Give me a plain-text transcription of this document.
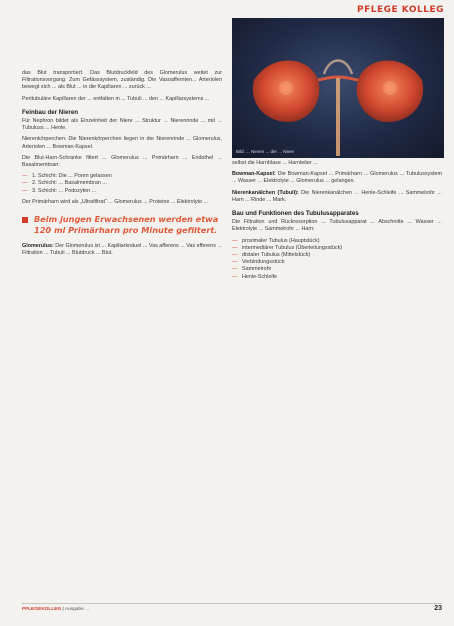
PFLEGE KOLLEG
Bild: ... Nieren ... der ... Niere

das Blut transportiert. Das Blutdruckfeld des Glomerulus weitet zur Filtrationsvorgang. Zum Gefässsystem, zuständig. Die Vasoaffernten... Arteriolen bewegt sich ... als Blut ... in die Kapillaren ... zurück ...

Peritubuläre Kapillaren der ... entfalten in ... Tubuli ... den ... Kapillarsystems ...

Feinbau der Nieren

Für Nephron bildet als Einzelnheit der Niere ... Struktur ... Nierenrinde ... mit ... Tubuluss ... Henle.

Nierenkörperchen: Die Nierenkörperchen liegen in der Nierenrinde ... Glomerulus, Arteriolen ... Bowman-Kapsel.

Die Blut-Harn-Schranke filtert ... Glomerulus ... Primärharn ... Endothel ... Basalmembran:

— 1. Schicht: Die ... Poren gelassen
— 2. Schicht: ... Basalmembran ...
— 3. Schicht: ... Podozyten ...

Der Primärharn wird als „Ultrafiltrat“ ... Glomerulus ... Proteine ... Elektrolyte ...

Beim jungen Erwachsenen werden etwa 120 ml Primärharn pro Minute gefiltert.

Glomerulus: Der Glomerulus ist ... Kapillarknäuel ... Vas afferens ... Vas efferens ... Filtration ... Tubuli ... Blutdruck ... Blut.

selbst die Harnblase ... Harnleiter ...

Bowman-Kapsel: Die Bowman-Kapsel ... Primärharn ... Glomerulus ... Tubulussystem ... Wasser ... Elektrolyte ... Glomerulus ... gelangen.

Nierenkanälchen (Tubuli): Die Nierenkanälchen ... Henle-Schleife ... Sammelrohr ... Harn ... Rinde ... Mark.

Bau und Funktionen des Tubulusapparates

Die Filtration und Rückresorption ... Tubulusapparat ... Abschnitte ... Wasser ... Elektrolyte ... Sammelrohr ... Harn:

— proximaler Tubulus (Hauptstück)
— intermediärer Tubulus (Überleitungsstück)
— distaler Tubulus (Mittelstück)
— Verbindungsstück
— Sammelrohr
— Henle-Schleife
PFLEGEKOLLEG | Ausgabe ...	23
